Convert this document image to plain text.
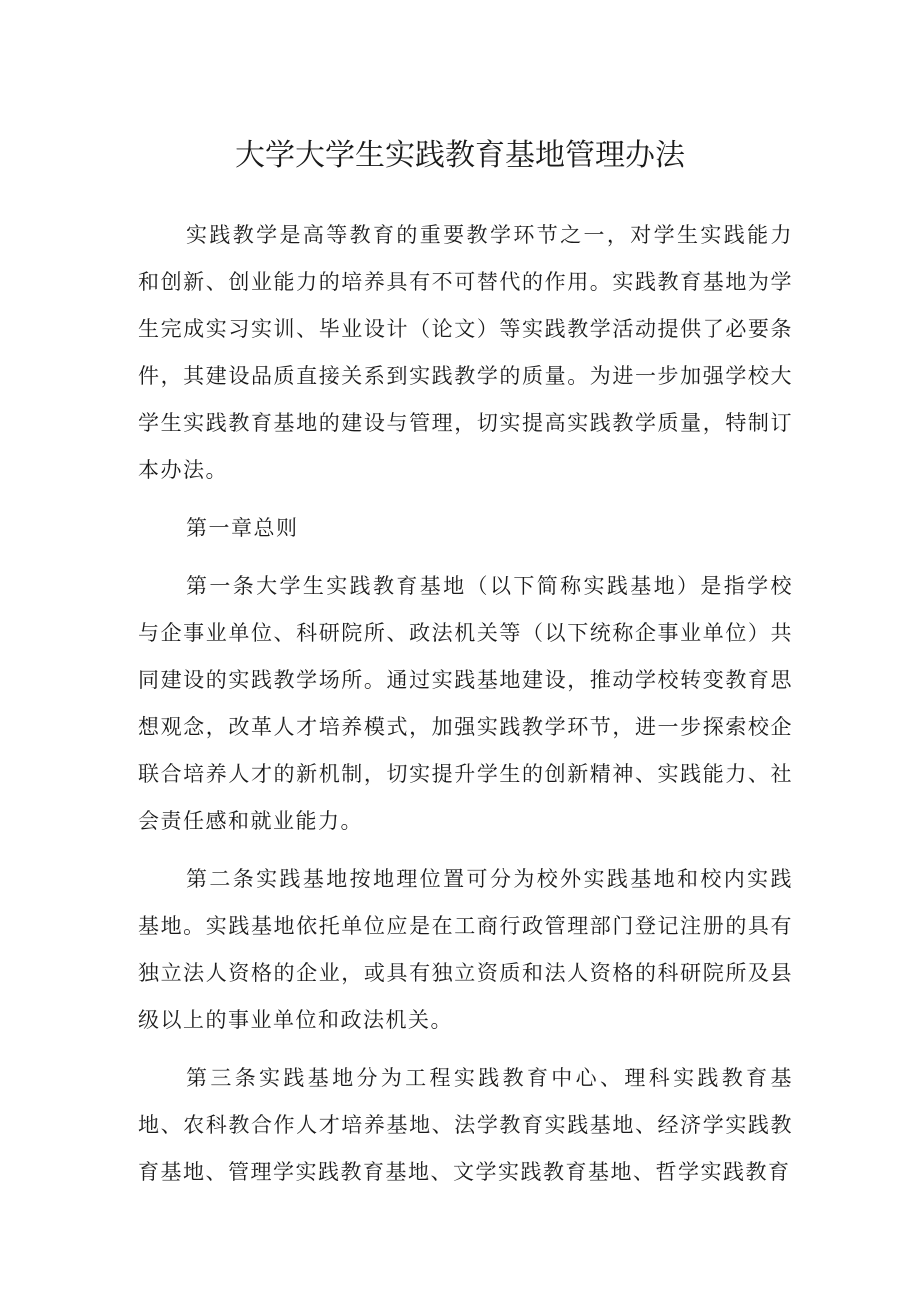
大学大学生实践教育基地管理办法

实践教学是高等教育的重要教学环节之一，对学生实践能力和创新、创业能力的培养具有不可替代的作用。实践教育基地为学生完成实习实训、毕业设计（论文）等实践教学活动提供了必要条件，其建设品质直接关系到实践教学的质量。为进一步加强学校大学生实践教育基地的建设与管理，切实提高实践教学质量，特制订本办法。

第一章总则

第一条大学生实践教育基地（以下简称实践基地）是指学校与企事业单位、科研院所、政法机关等（以下统称企事业单位）共同建设的实践教学场所。通过实践基地建设，推动学校转变教育思想观念，改革人才培养模式，加强实践教学环节，进一步探索校企联合培养人才的新机制，切实提升学生的创新精神、实践能力、社会责任感和就业能力。

第二条实践基地按地理位置可分为校外实践基地和校内实践基地。实践基地依托单位应是在工商行政管理部门登记注册的具有独立法人资格的企业，或具有独立资质和法人资格的科研院所及县级以上的事业单位和政法机关。

第三条实践基地分为工程实践教育中心、理科实践教育基地、农科教合作人才培养基地、法学教育实践基地、经济学实践教育基地、管理学实践教育基地、文学实践教育基地、哲学实践教育
